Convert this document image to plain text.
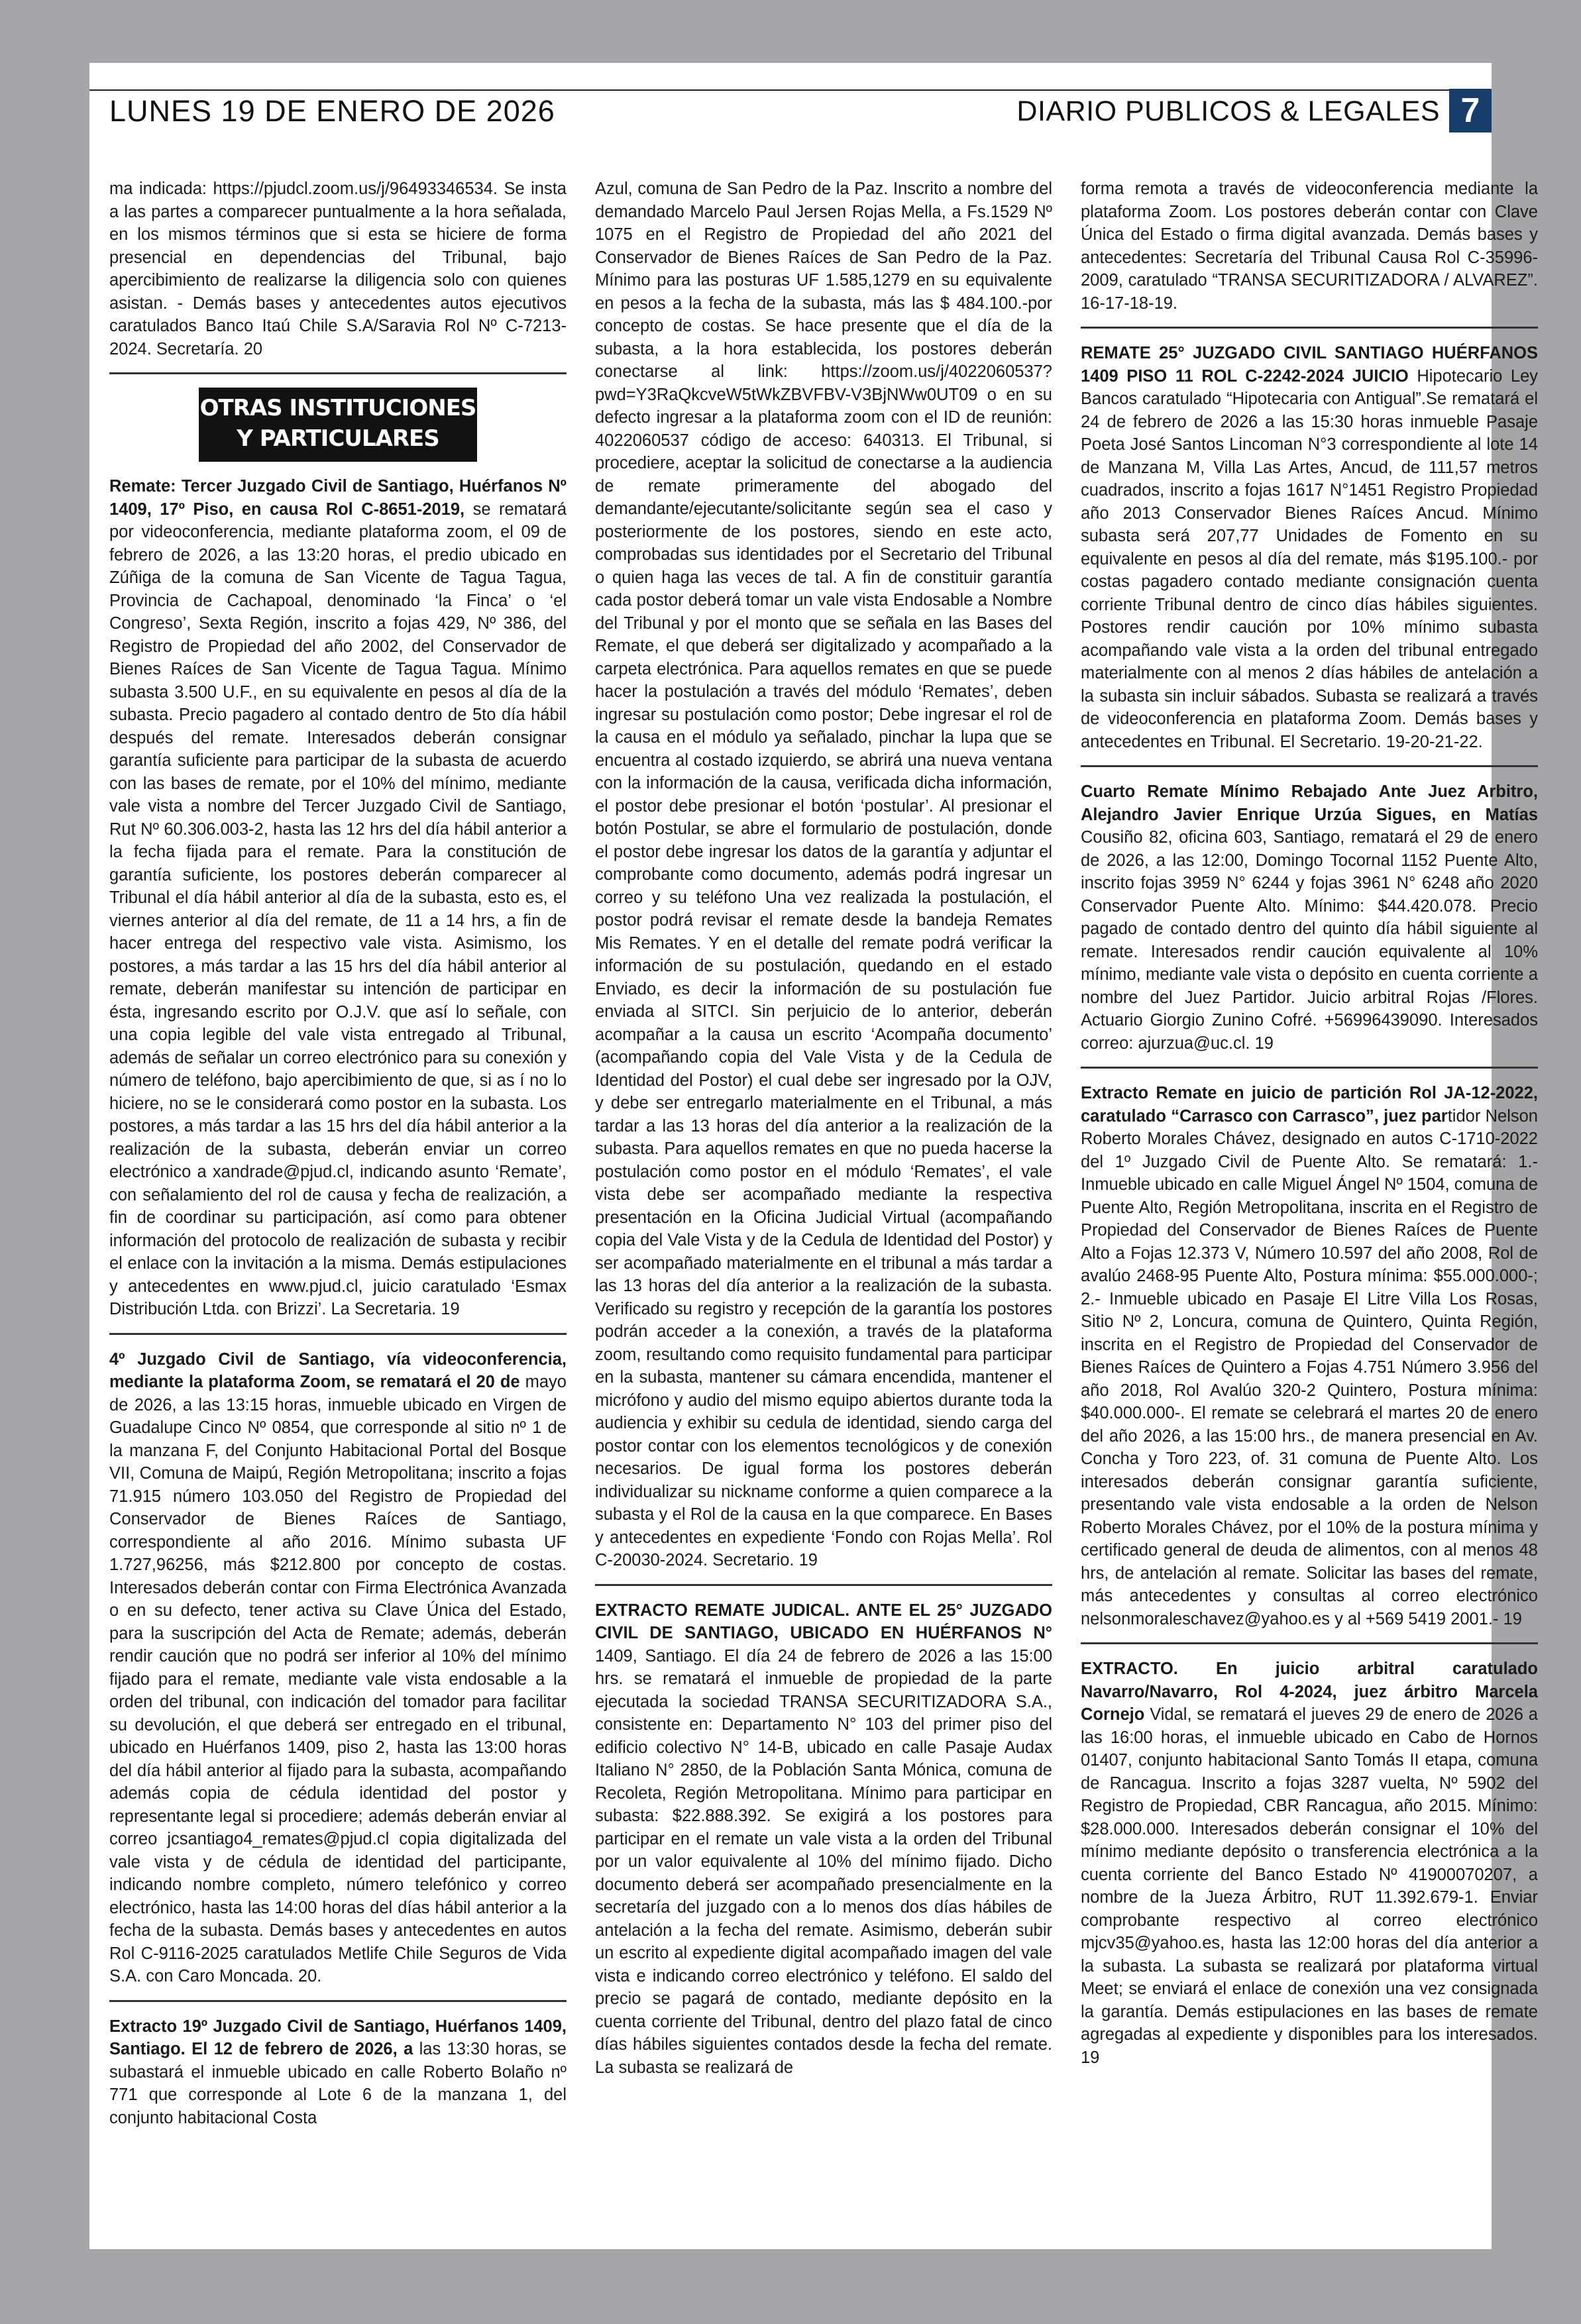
LUNES 19 DE ENERO DE 2026	DIARIO PUBLICOS & LEGALES 7

ma indicada: https://pjudcl.zoom.us/j/96493346534. Se insta a las partes a comparecer puntualmente a la hora señalada, en los mismos términos que si esta se hiciere de forma presencial en dependencias del Tribunal, bajo apercibimiento de realizarse la diligencia solo con quienes asistan. - Demás bases y antecedentes autos ejecutivos caratulados Banco Itaú Chile S.A/Saravia Rol Nº C-7213-2024. Secretaría. 20

OTRAS INSTITUCIONES
Y PARTICULARES

Remate: Tercer Juzgado Civil de Santiago, Huérfanos Nº 1409, 17º Piso, en causa Rol C-8651-2019, se rematará por videoconferencia, mediante plataforma zoom, el 09 de febrero de 2026, a las 13:20 horas, el predio ubicado en Zúñiga de la comuna de San Vicente de Tagua Tagua, Provincia de Cachapoal, denominado ‘la Finca’ o ‘el Congreso’, Sexta Región, inscrito a fojas 429, Nº 386, del Registro de Propiedad del año 2002, del Conservador de Bienes Raíces de San Vicente de Tagua Tagua. Mínimo subasta 3.500 U.F., en su equivalente en pesos al día de la subasta. Precio pagadero al contado dentro de 5to día hábil después del remate. Interesados deberán consignar garantía suficiente para participar de la subasta de acuerdo con las bases de remate, por el 10% del mínimo, mediante vale vista a nombre del Tercer Juzgado Civil de Santiago, Rut Nº 60.306.003-2, hasta las 12 hrs del día hábil anterior a la fecha fijada para el remate. Para la constitución de garantía suficiente, los postores deberán comparecer al Tribunal el día hábil anterior al día de la subasta, esto es, el viernes anterior al día del remate, de 11 a 14 hrs, a fin de hacer entrega del respectivo vale vista. Asimismo, los postores, a más tardar a las 15 hrs del día hábil anterior al remate, deberán manifestar su intención de participar en ésta, ingresando escrito por O.J.V. que así lo señale, con una copia legible del vale vista entregado al Tribunal, además de señalar un correo electrónico para su conexión y número de teléfono, bajo apercibimiento de que, si as í no lo hiciere, no se le considerará como postor en la subasta. Los postores, a más tardar a las 15 hrs del día hábil anterior a la realización de la subasta, deberán enviar un correo electrónico a xandrade@pjud.cl, indicando asunto ‘Remate’, con señalamiento del rol de causa y fecha de realización, a fin de coordinar su participación, así como para obtener información del protocolo de realización de subasta y recibir el enlace con la invitación a la misma. Demás estipulaciones y antecedentes en www.pjud.cl, juicio caratulado ‘Esmax Distribución Ltda. con Brizzi’. La Secretaria. 19

4º Juzgado Civil de Santiago, vía videoconferencia, mediante la plataforma Zoom, se rematará el 20 de mayo de 2026, a las 13:15 horas, inmueble ubicado en Virgen de Guadalupe Cinco Nº 0854, que corresponde al sitio nº 1 de la manzana F, del Conjunto Habitacional Portal del Bosque VII, Comuna de Maipú, Región Metropolitana; inscrito a fojas 71.915 número 103.050 del Registro de Propiedad del Conservador de Bienes Raíces de Santiago, correspondiente al año 2016. Mínimo subasta UF 1.727,96256, más $212.800 por concepto de costas. Interesados deberán contar con Firma Electrónica Avanzada o en su defecto, tener activa su Clave Única del Estado, para la suscripción del Acta de Remate; además, deberán rendir caución que no podrá ser inferior al 10% del mínimo fijado para el remate, mediante vale vista endosable a la orden del tribunal, con indicación del tomador para facilitar su devolución, el que deberá ser entregado en el tribunal, ubicado en Huérfanos 1409, piso 2, hasta las 13:00 horas del día hábil anterior al fijado para la subasta, acompañando además copia de cédula identidad del postor y representante legal si procediere; además deberán enviar al correo jcsantiago4_remates@pjud.cl copia digitalizada del vale vista y de cédula de identidad del participante, indicando nombre completo, número telefónico y correo electrónico, hasta las 14:00 horas del días hábil anterior a la fecha de la subasta. Demás bases y antecedentes en autos Rol C-9116-2025 caratulados Metlife Chile Seguros de Vida S.A. con Caro Moncada. 20.

Extracto 19º Juzgado Civil de Santiago, Huérfanos 1409, Santiago. El 12 de febrero de 2026, a las 13:30 horas, se subastará el inmueble ubicado en calle Roberto Bolaño nº 771 que corresponde al Lote 6 de la manzana 1, del conjunto habitacional Costa

Azul, comuna de San Pedro de la Paz. Inscrito a nombre del demandado Marcelo Paul Jersen Rojas Mella, a Fs.1529 Nº 1075 en el Registro de Propiedad del año 2021 del Conservador de Bienes Raíces de San Pedro de la Paz. Mínimo para las posturas UF 1.585,1279 en su equivalente en pesos a la fecha de la subasta, más las $ 484.100.-por concepto de costas. Se hace presente que el día de la subasta, a la hora establecida, los postores deberán conectarse al link: https://zoom.us/j/4022060537?pwd=Y3RaQkcveW5tWkZBVFBV-V3BjNWw0UT09 o en su defecto ingresar a la plataforma zoom con el ID de reunión: 4022060537 código de acceso: 640313. El Tribunal, si procediere, aceptar la solicitud de conectarse a la audiencia de remate primeramente del abogado del demandante/ejecutante/solicitante según sea el caso y posteriormente de los postores, siendo en este acto, comprobadas sus identidades por el Secretario del Tribunal o quien haga las veces de tal. A fin de constituir garantía cada postor deberá tomar un vale vista Endosable a Nombre del Tribunal y por el monto que se señala en las Bases del Remate, el que deberá ser digitalizado y acompañado a la carpeta electrónica. Para aquellos remates en que se puede hacer la postulación a través del módulo ‘Remates’, deben ingresar su postulación como postor; Debe ingresar el rol de la causa en el módulo ya señalado, pinchar la lupa que se encuentra al costado izquierdo, se abrirá una nueva ventana con la información de la causa, verificada dicha información, el postor debe presionar el botón ‘postular’. Al presionar el botón Postular, se abre el formulario de postulación, donde el postor debe ingresar los datos de la garantía y adjuntar el comprobante como documento, además podrá ingresar un correo y su teléfono Una vez realizada la postulación, el postor podrá revisar el remate desde la bandeja Remates Mis Remates. Y en el detalle del remate podrá verificar la información de su postulación, quedando en el estado Enviado, es decir la información de su postulación fue enviada al SITCI. Sin perjuicio de lo anterior, deberán acompañar a la causa un escrito ‘Acompaña documento’ (acompañando copia del Vale Vista y de la Cedula de Identidad del Postor) el cual debe ser ingresado por la OJV, y debe ser entregarlo materialmente en el Tribunal, a más tardar a las 13 horas del día anterior a la realización de la subasta. Para aquellos remates en que no pueda hacerse la postulación como postor en el módulo ‘Remates’, el vale vista debe ser acompañado mediante la respectiva presentación en la Oficina Judicial Virtual (acompañando copia del Vale Vista y de la Cedula de Identidad del Postor) y ser acompañado materialmente en el tribunal a más tardar a las 13 horas del día anterior a la realización de la subasta. Verificado su registro y recepción de la garantía los postores podrán acceder a la conexión, a través de la plataforma zoom, resultando como requisito fundamental para participar en la subasta, mantener su cámara encendida, mantener el micrófono y audio del mismo equipo abiertos durante toda la audiencia y exhibir su cedula de identidad, siendo carga del postor contar con los elementos tecnológicos y de conexión necesarios. De igual forma los postores deberán individualizar su nickname conforme a quien comparece a la subasta y el Rol de la causa en la que comparece. En Bases y antecedentes en expediente ‘Fondo con Rojas Mella’. Rol C-20030-2024. Secretario. 19

EXTRACTO REMATE JUDICAL. ANTE EL 25° JUZGADO CIVIL DE SANTIAGO, UBICADO EN HUÉRFANOS N° 1409, Santiago. El día 24 de febrero de 2026 a las 15:00 hrs. se rematará el inmueble de propiedad de la parte ejecutada la sociedad TRANSA SECURITIZADORA S.A., consistente en: Departamento N° 103 del primer piso del edificio colectivo N° 14-B, ubicado en calle Pasaje Audax Italiano N° 2850, de la Población Santa Mónica, comuna de Recoleta, Región Metropolitana. Mínimo para participar en subasta: $22.888.392. Se exigirá a los postores para participar en el remate un vale vista a la orden del Tribunal por un valor equivalente al 10% del mínimo fijado. Dicho documento deberá ser acompañado presencialmente en la secretaría del juzgado con a lo menos dos días hábiles de antelación a la fecha del remate. Asimismo, deberán subir un escrito al expediente digital acompañado imagen del vale vista e indicando correo electrónico y teléfono. El saldo del precio se pagará de contado, mediante depósito en la cuenta corriente del Tribunal, dentro del plazo fatal de cinco días hábiles siguientes contados desde la fecha del remate. La subasta se realizará de

forma remota a través de videoconferencia mediante la plataforma Zoom. Los postores deberán contar con Clave Única del Estado o firma digital avanzada. Demás bases y antecedentes: Secretaría del Tribunal Causa Rol C-35996-2009, caratulado “TRANSA SECURITIZADORA / ALVAREZ”. 16-17-18-19.

REMATE 25° JUZGADO CIVIL SANTIAGO HUÉRFANOS 1409 PISO 11 ROL C-2242-2024 JUICIO Hipotecario Ley Bancos caratulado “Hipotecaria con Antigual”.Se rematará el 24 de febrero de 2026 a las 15:30 horas inmueble Pasaje Poeta José Santos Lincoman N°3 correspondiente al lote 14 de Manzana M, Villa Las Artes, Ancud, de 111,57 metros cuadrados, inscrito a fojas 1617 N°1451 Registro Propiedad año 2013 Conservador Bienes Raíces Ancud. Mínimo subasta será 207,77 Unidades de Fomento en su equivalente en pesos al día del remate, más $195.100.- por costas pagadero contado mediante consignación cuenta corriente Tribunal dentro de cinco días hábiles siguientes. Postores rendir caución por 10% mínimo subasta acompañando vale vista a la orden del tribunal entregado materialmente con al menos 2 días hábiles de antelación a la subasta sin incluir sábados. Subasta se realizará a través de videoconferencia en plataforma Zoom. Demás bases y antecedentes en Tribunal. El Secretario. 19-20-21-22.

Cuarto Remate Mínimo Rebajado Ante Juez Arbitro, Alejandro Javier Enrique Urzúa Sigues, en Matías Cousiño 82, oficina 603, Santiago, rematará el 29 de enero de 2026, a las 12:00, Domingo Tocornal 1152 Puente Alto, inscrito fojas 3959 N° 6244 y fojas 3961 N° 6248 año 2020 Conservador Puente Alto. Mínimo: $44.420.078. Precio pagado de contado dentro del quinto día hábil siguiente al remate. Interesados rendir caución equivalente al 10% mínimo, mediante vale vista o depósito en cuenta corriente a nombre del Juez Partidor. Juicio arbitral Rojas /Flores. Actuario Giorgio Zunino Cofré. +56996439090. Interesados correo: ajurzua@uc.cl. 19

Extracto Remate en juicio de partición Rol JA-12-2022, caratulado “Carrasco con Carrasco”, juez partidor Nelson Roberto Morales Chávez, designado en autos C-1710-2022 del 1º Juzgado Civil de Puente Alto. Se rematará: 1.- Inmueble ubicado en calle Miguel Ángel Nº 1504, comuna de Puente Alto, Región Metropolitana, inscrita en el Registro de Propiedad del Conservador de Bienes Raíces de Puente Alto a Fojas 12.373 V, Número 10.597 del año 2008, Rol de avalúo 2468-95 Puente Alto, Postura mínima: $55.000.000-; 2.- Inmueble ubicado en Pasaje El Litre Villa Los Rosas, Sitio Nº 2, Loncura, comuna de Quintero, Quinta Región, inscrita en el Registro de Propiedad del Conservador de Bienes Raíces de Quintero a Fojas 4.751 Número 3.956 del año 2018, Rol Avalúo 320-2 Quintero, Postura mínima: $40.000.000-. El remate se celebrará el martes 20 de enero del año 2026, a las 15:00 hrs., de manera presencial en Av. Concha y Toro 223, of. 31 comuna de Puente Alto. Los interesados deberán consignar garantía suficiente, presentando vale vista endosable a la orden de Nelson Roberto Morales Chávez, por el 10% de la postura mínima y certificado general de deuda de alimentos, con al menos 48 hrs, de antelación al remate. Solicitar las bases del remate, más antecedentes y consultas al correo electrónico nelsonmoraleschavez@yahoo.es y al +569 5419 2001.- 19

EXTRACTO. En juicio arbitral caratulado Navarro/Navarro, Rol 4-2024, juez árbitro Marcela Cornejo Vidal, se rematará el jueves 29 de enero de 2026 a las 16:00 horas, el inmueble ubicado en Cabo de Hornos 01407, conjunto habitacional Santo Tomás II etapa, comuna de Rancagua. Inscrito a fojas 3287 vuelta, Nº 5902 del Registro de Propiedad, CBR Rancagua, año 2015. Mínimo: $28.000.000. Interesados deberán consignar el 10% del mínimo mediante depósito o transferencia electrónica a la cuenta corriente del Banco Estado Nº 41900070207, a nombre de la Jueza Árbitro, RUT 11.392.679-1. Enviar comprobante respectivo al correo electrónico mjcv35@yahoo.es, hasta las 12:00 horas del día anterior a la subasta. La subasta se realizará por plataforma virtual Meet; se enviará el enlace de conexión una vez consignada la garantía. Demás estipulaciones en las bases de remate agregadas al expediente y disponibles para los interesados. 19
